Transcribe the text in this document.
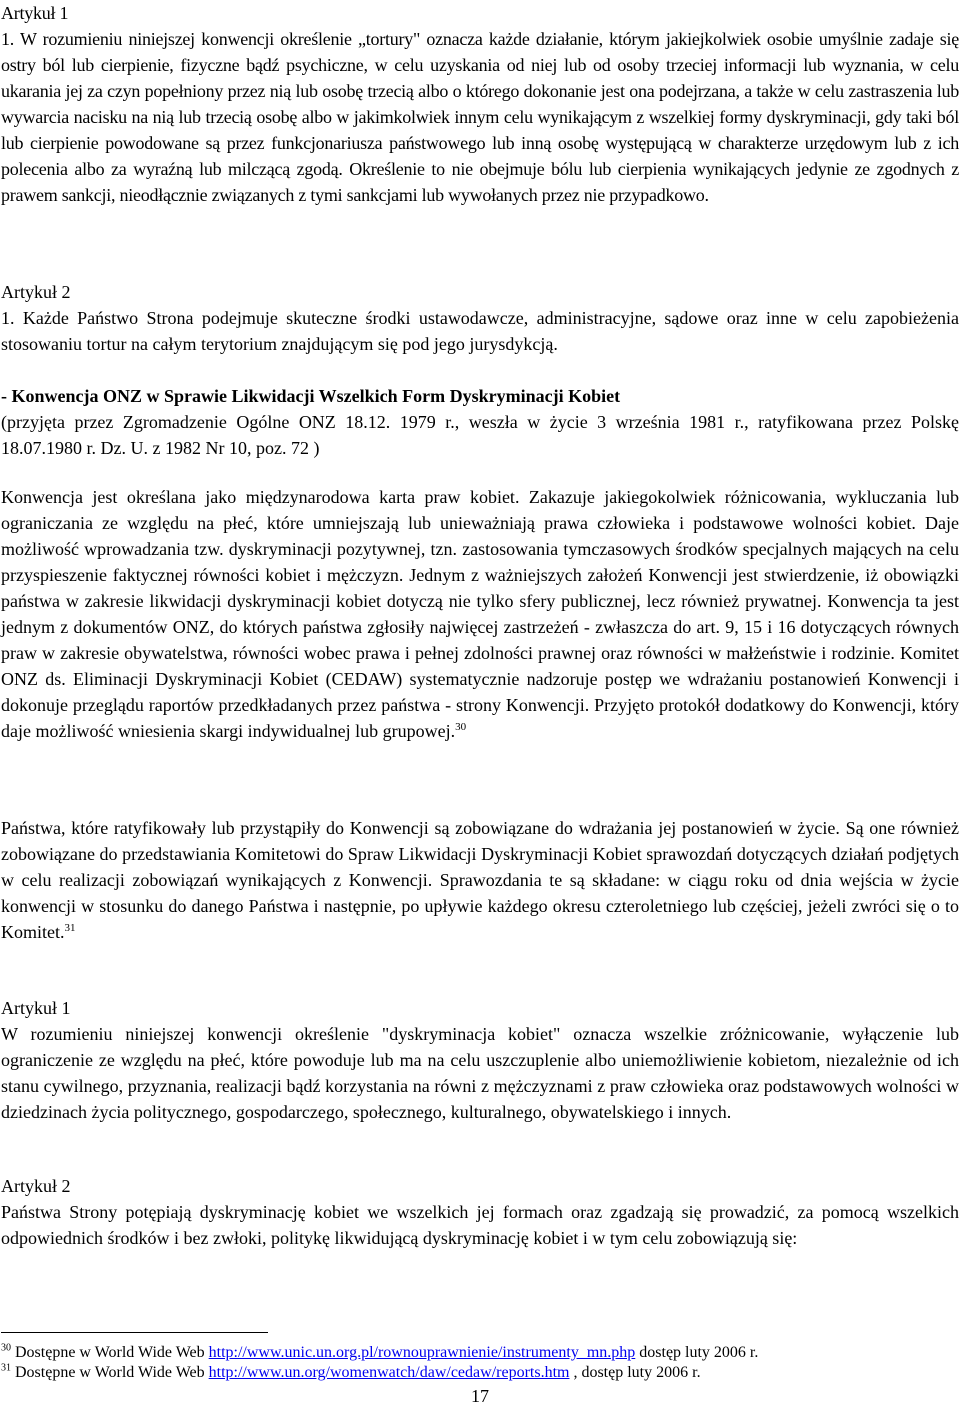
Artykuł 1

1. W rozumieniu niniejszej konwencji określenie „tortury" oznacza każde działanie, którym jakiejkolwiek osobie umyślnie zadaje się ostry ból lub cierpienie, fizyczne bądź psychiczne, w celu uzyskania od niej lub od osoby trzeciej informacji lub wyznania, w celu ukarania jej za czyn popełniony przez nią lub osobę trzecią albo o którego dokonanie jest ona podejrzana, a także w celu zastraszenia lub wywarcia nacisku na nią lub trzecią osobę albo w jakimkolwiek innym celu wynikającym z wszelkiej formy dyskryminacji, gdy taki ból lub cierpienie powodowane są przez funkcjonariusza państwowego lub inną osobę występującą w charakterze urzędowym lub z ich polecenia albo za wyraźną lub milczącą zgodą. Określenie to nie obejmuje bólu lub cierpienia wynikających jedynie ze zgodnych z prawem sankcji, nieodłącznie związanych z tymi sankcjami lub wywołanych przez nie przypadkowo.

Artykuł 2

1. Każde Państwo Strona podejmuje skuteczne środki ustawodawcze, administracyjne, sądowe oraz inne w celu zapobieżenia stosowaniu tortur na całym terytorium znajdującym się pod jego jurysdykcją.

- Konwencja ONZ w Sprawie Likwidacji Wszelkich Form Dyskryminacji Kobiet

(przyjęta przez Zgromadzenie Ogólne ONZ 18.12. 1979 r., weszła w życie 3 września 1981 r., ratyfikowana przez Polskę 18.07.1980 r. Dz. U. z 1982 Nr 10, poz. 72 )

Konwencja jest określana jako międzynarodowa karta praw kobiet. Zakazuje jakiegokolwiek różnicowania, wykluczania lub ograniczania ze względu na płeć, które umniejszają lub unieważniają prawa człowieka i podstawowe wolności kobiet. Daje możliwość wprowadzania tzw. dyskryminacji pozytywnej, tzn. zastosowania tymczasowych środków specjalnych mających na celu przyspieszenie faktycznej równości kobiet i mężczyzn. Jednym z ważniejszych założeń Konwencji jest stwierdzenie, iż obowiązki państwa w zakresie likwidacji dyskryminacji kobiet dotyczą nie tylko sfery publicznej, lecz również prywatnej. Konwencja ta jest jednym z dokumentów ONZ, do których państwa zgłosiły najwięcej zastrzeżeń - zwłaszcza do art. 9, 15 i 16 dotyczących równych praw w zakresie obywatelstwa, równości wobec prawa i pełnej zdolności prawnej oraz równości w małżeństwie i rodzinie. Komitet ONZ ds. Eliminacji Dyskryminacji Kobiet (CEDAW) systematycznie nadzoruje postęp we wdrażaniu postanowień Konwencji i dokonuje przeglądu raportów przedkładanych przez państwa - strony Konwencji. Przyjęto protokół dodatkowy do Konwencji, który daje możliwość wniesienia skargi indywidualnej lub grupowej.$^{30}$

Państwa, które ratyfikowały lub przystąpiły do Konwencji są zobowiązane do wdrażania jej postanowień w życie. Są one również zobowiązane do przedstawiania Komitetowi do Spraw Likwidacji Dyskryminacji Kobiet sprawozdań dotyczących działań podjętych w celu realizacji zobowiązań wynikających z Konwencji. Sprawozdania te są składane: w ciągu roku od dnia wejścia w życie konwencji w stosunku do danego Państwa i następnie, po upływie każdego okresu czteroletniego lub częściej, jeżeli zwróci się o to Komitet.$^{31}$

Artykuł 1

W rozumieniu niniejszej konwencji określenie "dyskryminacja kobiet" oznacza wszelkie zróżnicowanie, wyłączenie lub ograniczenie ze względu na płeć, które powoduje lub ma na celu uszczuplenie albo uniemożliwienie kobietom, niezależnie od ich stanu cywilnego, przyznania, realizacji bądź korzystania na równi z mężczyznami z praw człowieka oraz podstawowych wolności w dziedzinach życia politycznego, gospodarczego, społecznego, kulturalnego, obywatelskiego i innych.

Artykuł 2

Państwa Strony potępiają dyskryminację kobiet we wszelkich jej formach oraz zgadzają się prowadzić, za pomocą wszelkich odpowiednich środków i bez zwłoki, politykę likwidującą dyskryminację kobiet i w tym celu zobowiązują się:

$^{30}$ Dostępne w World Wide Web http://www.unic.un.org.pl/rownouprawnienie/instrumenty_mn.php dostęp luty 2006 r.
$^{31}$ Dostępne w World Wide Web http://www.un.org/womenwatch/daw/cedaw/reports.htm , dostęp luty 2006 r.
17
